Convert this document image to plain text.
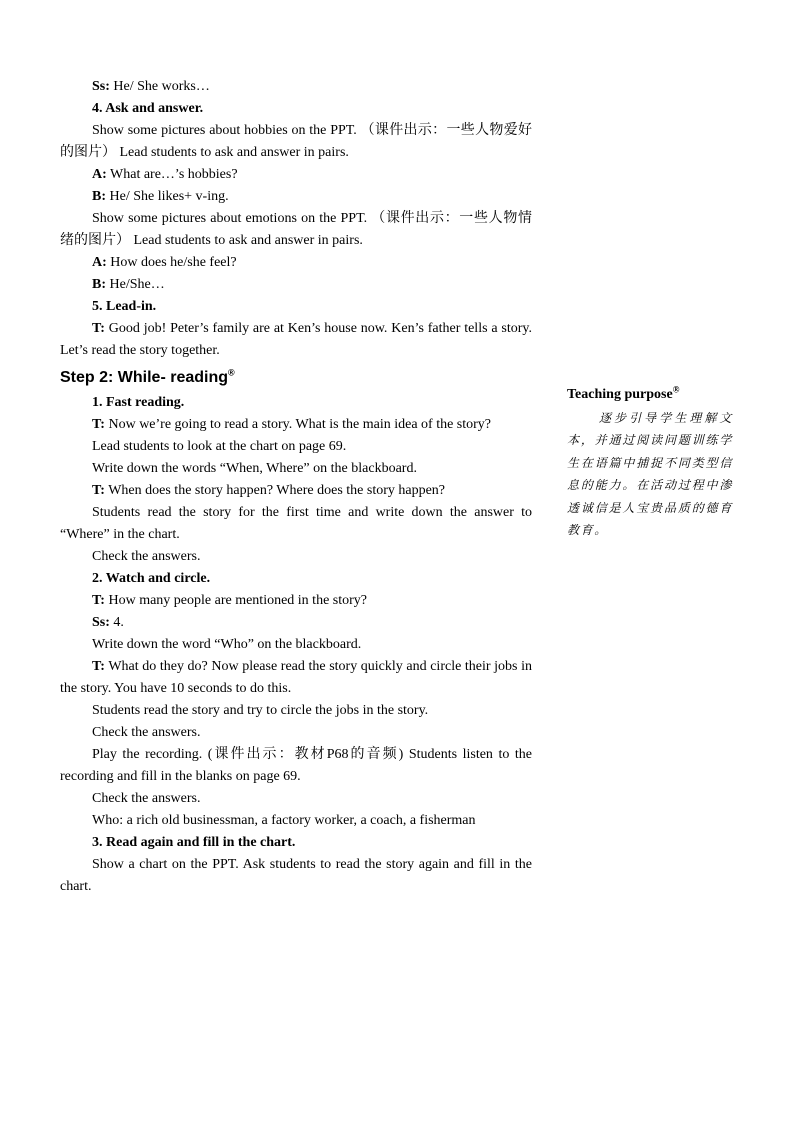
Ss: He/ She works…

4. Ask and answer.

Show some pictures about hobbies on the PPT. （课件出示：一些人物爱好的图片） Lead students to ask and answer in pairs.

A: What are…’s hobbies?

B: He/ She likes+ v-ing.

Show some pictures about emotions on the PPT. （课件出示：一些人物情绪的图片） Lead students to ask and answer in pairs.

A: How does he/she feel?

B: He/She…

5. Lead-in.

T: Good job! Peter’s family are at Ken’s house now. Ken’s father tells a story. Let’s read the story together.

Step 2: While- reading®

1. Fast reading.

T: Now we’re going to read a story. What is the main idea of the story?

Lead students to look at the chart on page 69.

Write down the words “When, Where” on the blackboard.

T: When does the story happen? Where does the story happen?

Students read the story for the first time and write down the answer to “Where” in the chart.

Check the answers.

2. Watch and circle.

T: How many people are mentioned in the story?

Ss: 4.

Write down the word “Who” on the blackboard.

T: What do they do? Now please read the story quickly and circle their jobs in the story. You have 10 seconds to do this.

Students read the story and try to circle the jobs in the story.

Check the answers.

Play the recording. (课件出示：教材P68的音频) Students listen to the recording and fill in the blanks on page 69.

Check the answers.

Who: a rich old businessman, a factory worker, a coach, a fisherman

3. Read again and fill in the chart.

Show a chart on the PPT. Ask students to read the story again and fill in the chart.

Teaching purpose®

逐步引导学生理解文本，并通过阅读问题训练学生在语篇中捕捉不同类型信息的能力。在活动过程中渗透诚信是人宝贵品质的德育教育。
